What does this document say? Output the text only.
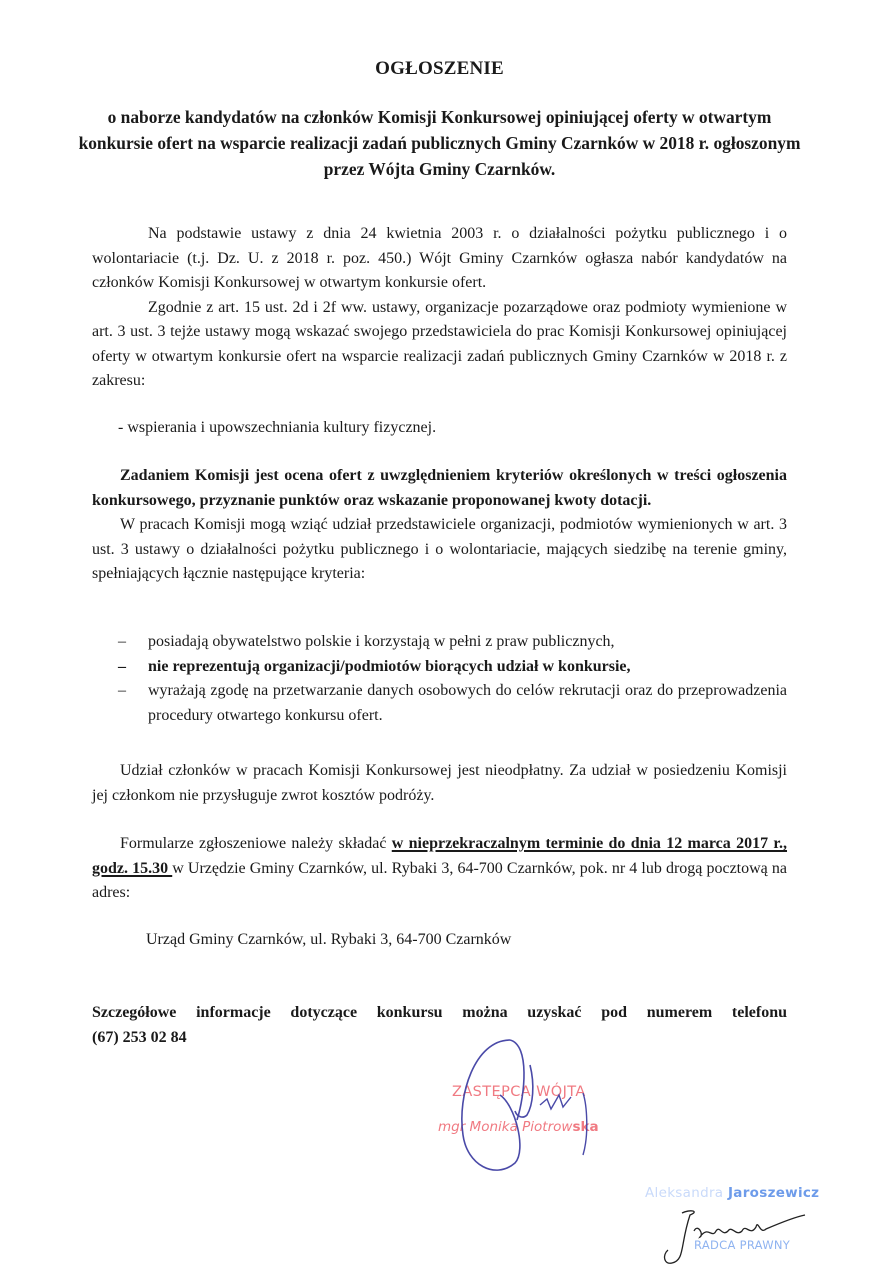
OGŁOSZENIE
o naborze kandydatów na członków Komisji Konkursowej opiniującej oferty w otwartym konkursie ofert na wsparcie realizacji zadań publicznych Gminy Czarnków w 2018 r. ogłoszonym przez Wójta Gminy Czarnków.

Na podstawie ustawy z dnia 24 kwietnia 2003 r. o działalności pożytku publicznego i o wolontariacie (t.j. Dz. U. z 2018 r. poz. 450.) Wójt Gminy Czarnków ogłasza nabór kandydatów na członków Komisji Konkursowej w otwartym konkursie ofert.

Zgodnie z art. 15 ust. 2d i 2f ww. ustawy, organizacje pozarządowe oraz podmioty wymienione w art. 3 ust. 3 tejże ustawy mogą wskazać swojego przedstawiciela do prac Komisji Konkursowej opiniującej oferty w otwartym konkursie ofert na wsparcie realizacji zadań publicznych Gminy Czarnków w 2018 r. z zakresu:

- wspierania i upowszechniania kultury fizycznej.

Zadaniem Komisji jest ocena ofert z uwzględnieniem kryteriów określonych w treści ogłoszenia konkursowego, przyznanie punktów oraz wskazanie proponowanej kwoty dotacji.

W pracach Komisji mogą wziąć udział przedstawiciele organizacji, podmiotów wymienionych w art. 3 ust. 3 ustawy o działalności pożytku publicznego i o wolontariacie, mających siedzibę na terenie gminy, spełniających łącznie następujące kryteria:

– posiadają obywatelstwo polskie i korzystają w pełni z praw publicznych,
– nie reprezentują organizacji/podmiotów biorących udział w konkursie,
– wyrażają zgodę na przetwarzanie danych osobowych do celów rekrutacji oraz do przeprowadzenia procedury otwartego konkursu ofert.

Udział członków w pracach Komisji Konkursowej jest nieodpłatny. Za udział w posiedzeniu Komisji jej członkom nie przysługuje zwrot kosztów podróży.

Formularze zgłoszeniowe należy składać w nieprzekraczalnym terminie do dnia 12 marca 2017 r., godz. 15.30 w Urzędzie Gminy Czarnków, ul. Rybaki 3, 64-700 Czarnków, pok. nr 4 lub drogą pocztową na adres:

Urząd Gminy Czarnków, ul. Rybaki 3, 64-700 Czarnków

Szczegółowe informacje dotyczące konkursu można uzyskać pod numerem telefonu

(67) 253 02 84

ZASTĘPCA WÓJTA
mgr Monika Piotrowska
Aleksandra Jaroszewicz
RADCA PRAWNY
